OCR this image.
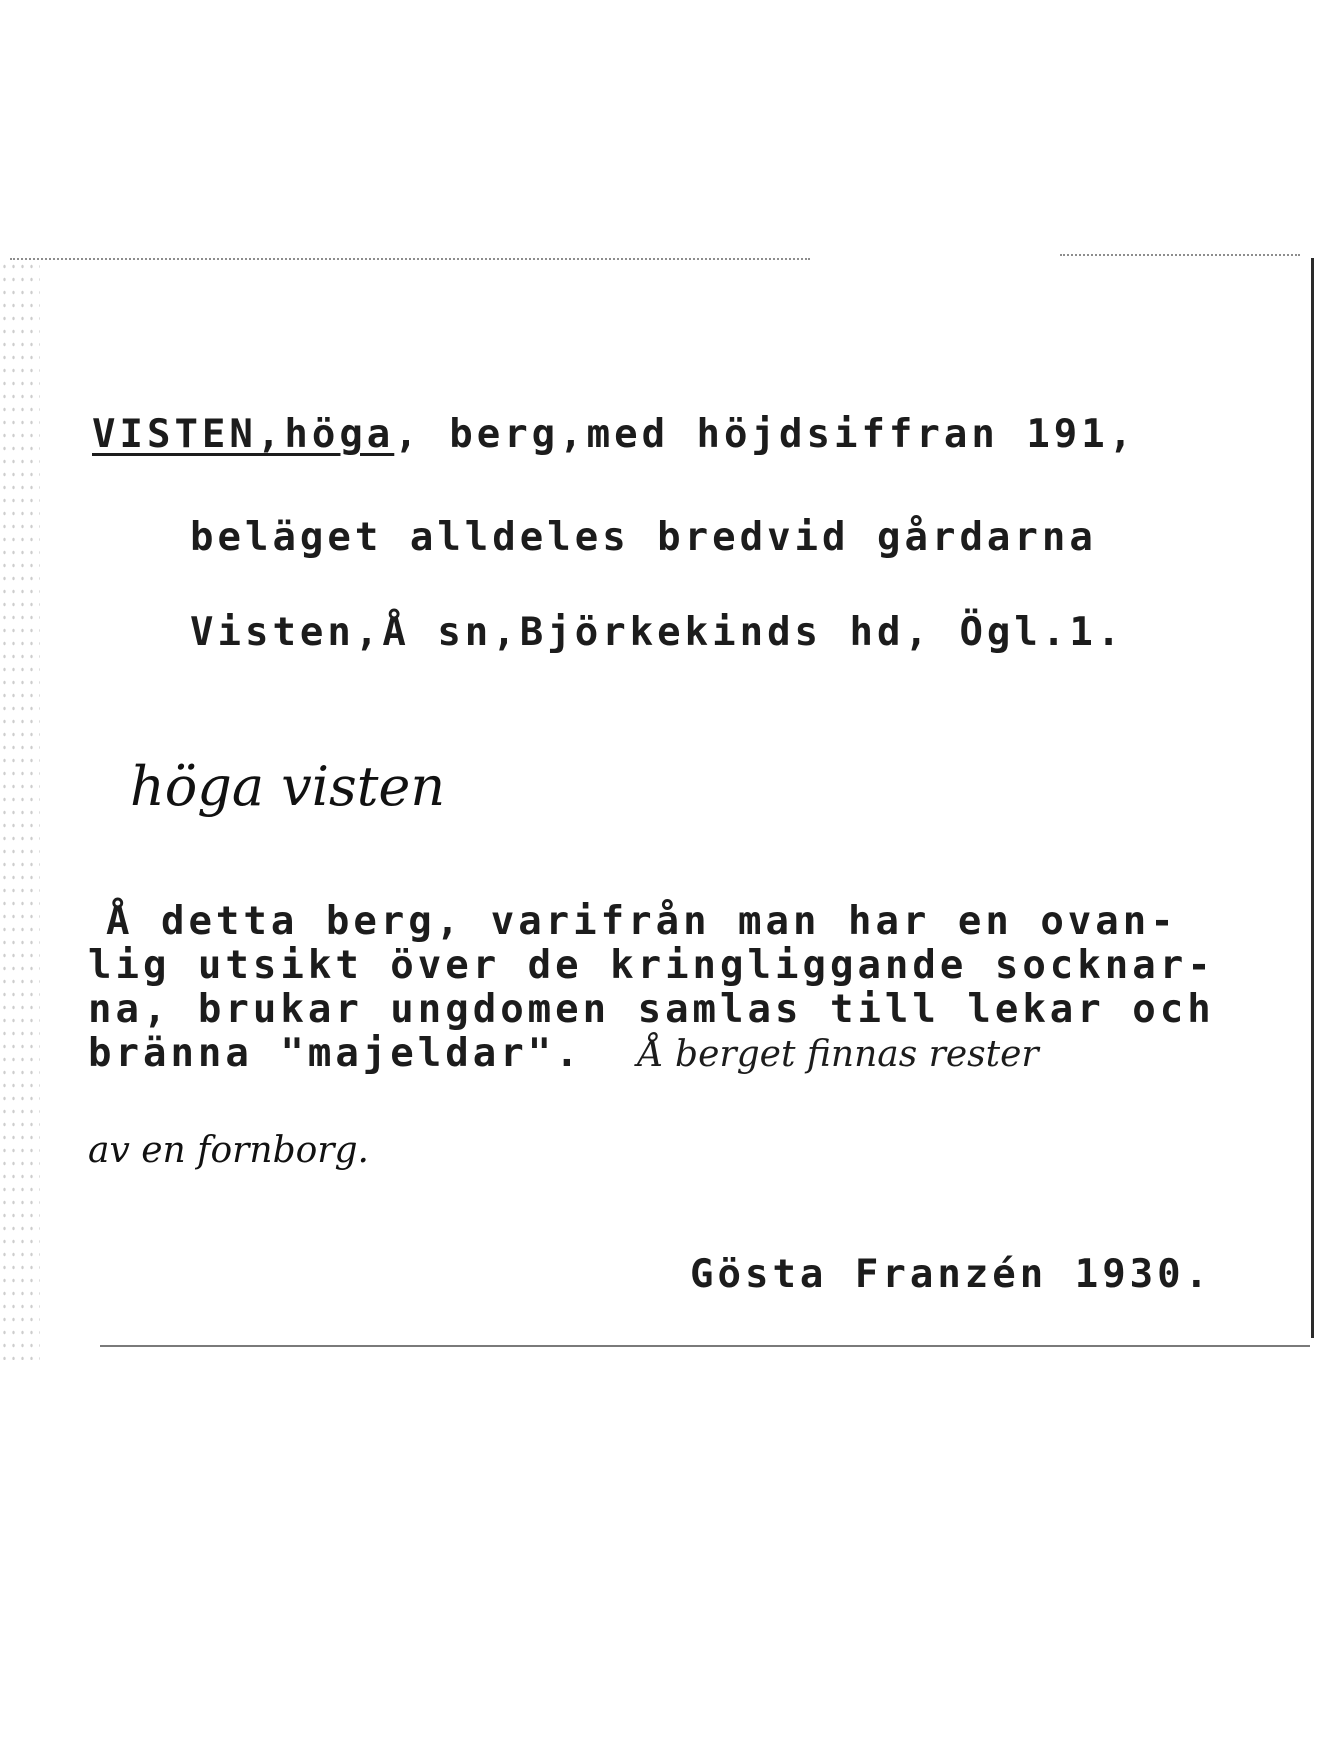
VISTEN,höga, berg,med höjdsiffran 191,

beläget alldeles bredvid gårdarna

Visten,Å sn,Björkekinds hd, Ögl.1.

höga visten
Å detta berg, varifrån man har en ovan-
lig utsikt över de kringliggande socknar-
na, brukar ungdomen samlas till lekar och
bränna "majeldar". Å berget finnas rester
av en fornborg.

Gösta Franzén 1930.
